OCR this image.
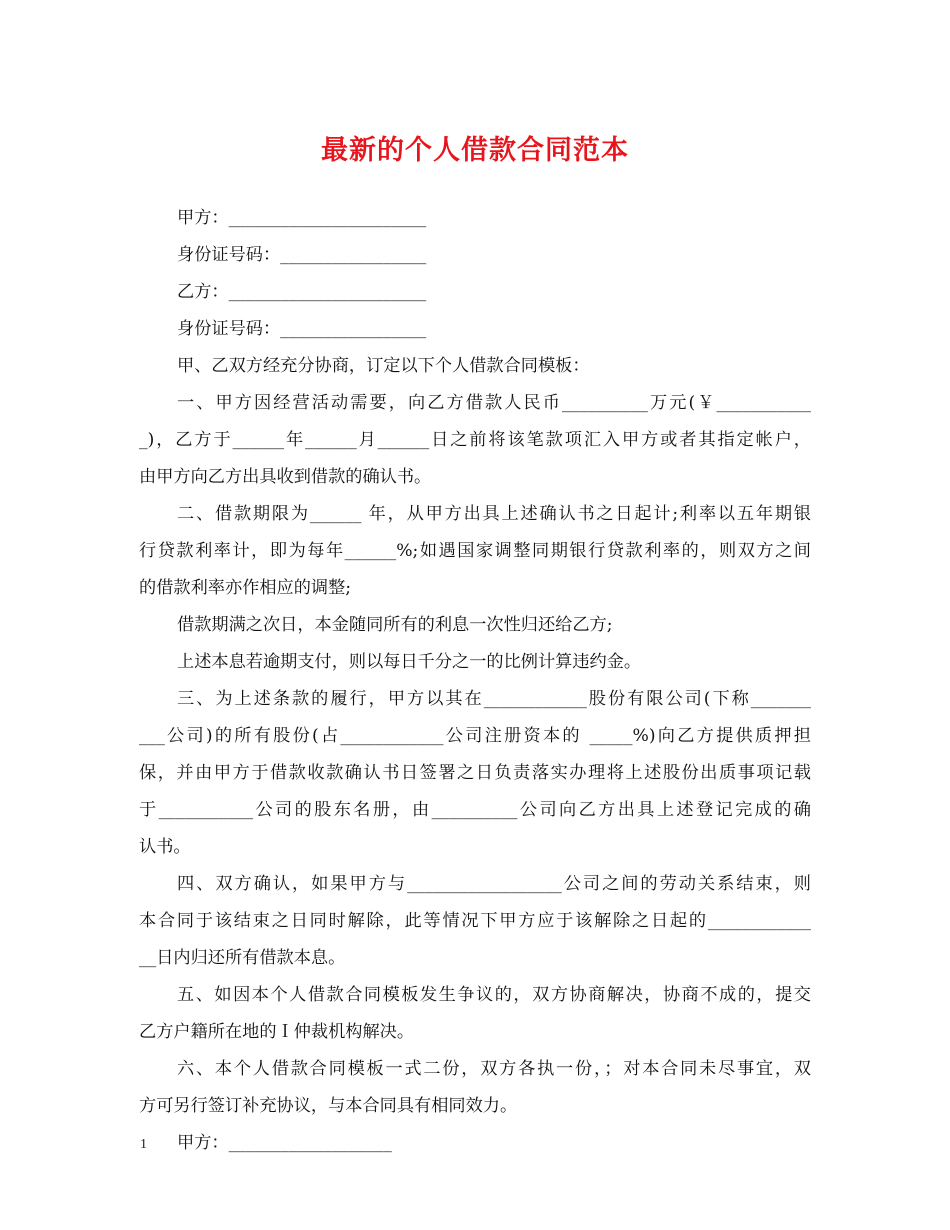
最新的个人借款合同范本
甲方：_______________________
身份证号码：_________________
乙方：_______________________
身份证号码：_________________
甲、乙双方经充分协商，订定以下个人借款合同模板：
一、甲方因经营活动需要，向乙方借款人民币__________万元(￥___________
_)，乙方于______年______月______日之前将该笔款项汇入甲方或者其指定帐户，
由甲方向乙方出具收到借款的确认书。
二、借款期限为______ 年，从甲方出具上述确认书之日起计;利率以五年期银
行贷款利率计，即为每年______%;如遇国家调整同期银行贷款利率的，则双方之间
的借款利率亦作相应的调整;
借款期满之次日，本金随同所有的利息一次性归还给乙方;
上述本息若逾期支付，则以每日千分之一的比例计算违约金。
三、为上述条款的履行，甲方以其在____________股份有限公司(下称_______
___公司)的所有股份(占____________公司注册资本的 _____%)向乙方提供质押担
保，并由甲方于借款收款确认书日签署之日负责落实办理将上述股份出质事项记载
于___________公司的股东名册，由__________公司向乙方出具上述登记完成的确
认书。
四、双方确认，如果甲方与__________________公司之间的劳动关系结束，则
本合同于该结束之日同时解除，此等情况下甲方应于该解除之日起的____________
__日内归还所有借款本息。
五、如因本个人借款合同模板发生争议的，双方协商解决，协商不成的，提交
乙方户籍所在地的Ｉ仲裁机构解决。
六、本个人借款合同模板一式二份，双方各执一份，；对本合同未尽事宜，双
方可另行签订补充协议，与本合同具有相同效力。
甲方：___________________
1
